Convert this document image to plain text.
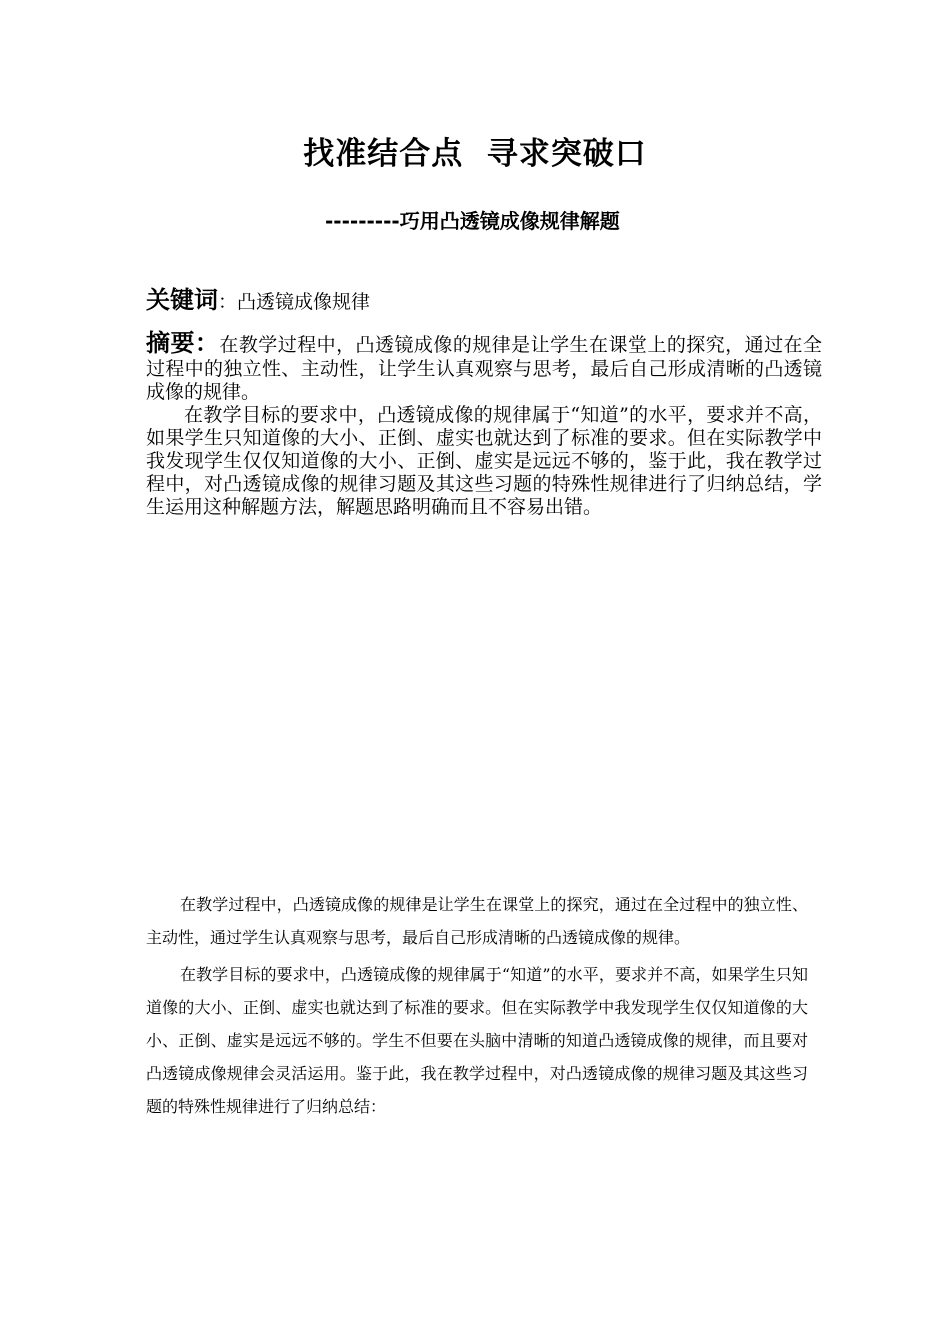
找准结合点  寻求突破口
---------巧用凸透镜成像规律解题
关键词：凸透镜成像规律

摘要：在教学过程中，凸透镜成像的规律是让学生在课堂上的探究，通过在全过程中的独立性、主动性，让学生认真观察与思考，最后自己形成清晰的凸透镜成像的规律。

在教学目标的要求中，凸透镜成像的规律属于“知道”的水平，要求并不高，如果学生只知道像的大小、正倒、虚实也就达到了标准的要求。但在实际教学中我发现学生仅仅知道像的大小、正倒、虚实是远远不够的，鉴于此，我在教学过程中，对凸透镜成像的规律习题及其这些习题的特殊性规律进行了归纳总结，学生运用这种解题方法，解题思路明确而且不容易出错。

在教学过程中，凸透镜成像的规律是让学生在课堂上的探究，通过在全过程中的独立性、主动性，通过学生认真观察与思考，最后自己形成清晰的凸透镜成像的规律。

在教学目标的要求中，凸透镜成像的规律属于“知道”的水平，要求并不高，如果学生只知道像的大小、正倒、虚实也就达到了标准的要求。但在实际教学中我发现学生仅仅知道像的大小、正倒、虚实是远远不够的。学生不但要在头脑中清晰的知道凸透镜成像的规律，而且要对凸透镜成像规律会灵活运用。鉴于此，我在教学过程中，对凸透镜成像的规律习题及其这些习题的特殊性规律进行了归纳总结：
